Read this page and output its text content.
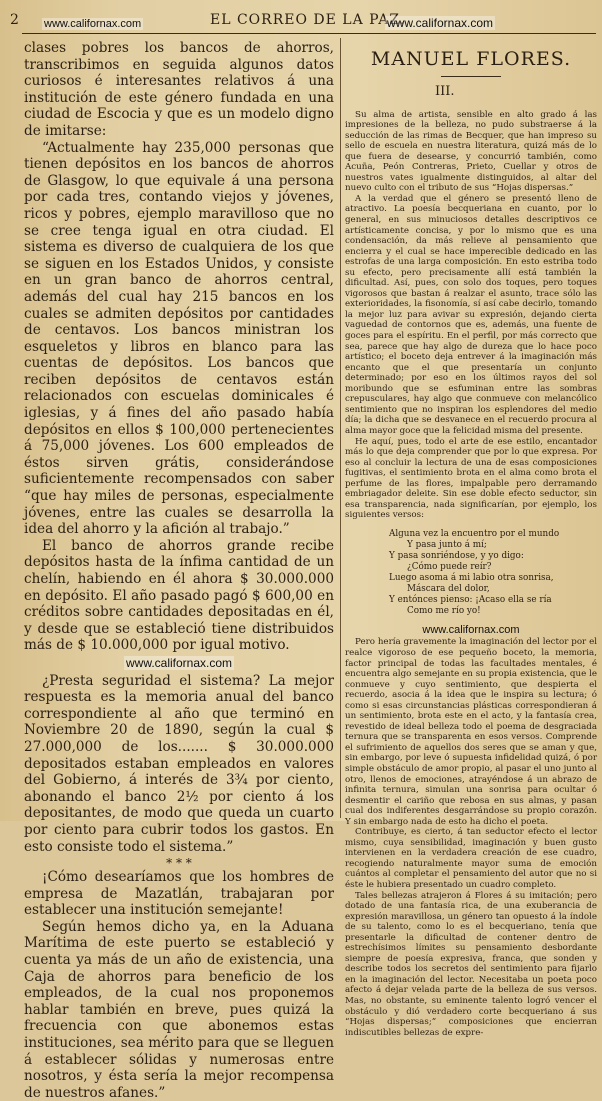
2 www.californax.com	EL CORREO DE LA PAZ.
www.californax.com

clases pobres los bancos de ahorros, transcribimos en seguida algunos datos curiosos é interesantes relativos á una institución de este género fundada en una ciudad de Escocia y que es un modelo digno de imitarse:

“Actualmente hay 235,000 personas que tienen depósitos en los bancos de ahorros de Glasgow, lo que equivale á una persona por cada tres, contando viejos y jóvenes, ricos y pobres, ejemplo maravilloso que no se cree tenga igual en otra ciudad. El sistema es diverso de cualquiera de los que se siguen en los Estados Unidos, y consiste en un gran banco de ahorros central, además del cual hay 215 bancos en los cuales se admiten depósitos por cantidades de centavos. Los bancos ministran los esqueletos y libros en blanco para las cuentas de depósitos. Los bancos que reciben depósitos de centavos están relacionados con escuelas dominicales é iglesias, y á fines del año pasado había depósitos en ellos $ 100,000 pertenecientes á 75,000 jóvenes. Los 600 empleados de éstos sirven grátis, considerándose suficientemente recompensados con saber “que hay miles de personas, especialmente jóvenes, entre las cuales se desarrolla la idea del ahorro y la afición al trabajo.”

El banco de ahorros grande recibe depósitos hasta de la ínfima cantidad de un chelín, habiendo en él ahora $ 30.000.000 en depósito. El año pasado pagó $ 600,00 en créditos sobre cantidades depositadas en él, y desde que se estableció tiene distribuidos más de $ 10.000,000 por igual motivo.

www.californax.com

¿Presta seguridad el sistema? La mejor respuesta es la memoria anual del banco correspondiente al año que terminó en Noviembre 20 de 1890, según la cual $ 27.000,000 de los....... $ 30.000.000 depositados estaban empleados en valores del Gobierno, á interés de 3¾ por ciento, abonando el banco 2½ por ciento á los depositantes, de modo que queda un cuarto por ciento para cubrir todos los gastos. En esto consiste todo el sistema.”

* * *

¡Cómo desearíamos que los hombres de empresa de Mazatlán, trabajaran por establecer una institución semejante!

Según hemos dicho ya, en la Aduana Marítima de este puerto se estableció y cuenta ya más de un año de existencia, una Caja de ahorros para beneficio de los empleados, de la cual nos proponemos hablar también en breve, pues quizá la frecuencia con que abonemos estas instituciones, sea mérito para que se lleguen á establecer sólidas y numerosas entre nosotros, y ésta sería la mejor recompensa de nuestros afanes.”

MANUEL FLORES.
III.

Su alma de artista, sensible en alto grado á las impresiones de la belleza, no pudo substraerse á la seducción de las rimas de Becquer, que han impreso su sello de escuela en nuestra literatura, quizá más de lo que fuera de desearse, y concurrió también, como Acuña, Peón Contreras, Prieto, Cuellar y otros de nuestros vates igualmente distinguidos, al altar del nuevo culto con el tributo de sus “Hojas dispersas.”

A la verdad que el género se presentó lleno de atractivo. La poesía becqueriana en cuanto, por lo general, en sus minuciosos detalles descriptivos ce artísticamente concisa, y por lo mismo que es una condensación, da más relieve al pensamiento que encierra y el cual se hace imperecible dedicado en las estrofas de una larga composición. En esto estriba todo su efecto, pero precisamente allí está también la dificultad. Así, pues, con solo dos toques, pero toques vigorosos que bastan á realzar el asunto, trace sólo las exterioridades, la fisonomía, sí así cabe decirlo, tomando la mejor luz para avivar su expresión, dejando cierta vaguedad de contornos que es, además, una fuente de goces para el espíritu. En el perfil, por más correcto que sea, parece que hay algo de dureza que lo hace poco artístico; el boceto deja entrever á la imaginación más encanto que el que presentaría un conjunto determinado; por eso en los últimos rayos del sol moribundo que se esfuminan entre las sombras crepusculares, hay algo que conmueve con melancólico sentimiento que no inspiran los esplendores del medio día; la dicha que se desvanece en el recuerdo procura al alma mayor goce que la felicidad misma del presente.

He aquí, pues, todo el arte de ese estilo, encantador más lo que deja comprender que por lo que expresa. Por eso al concluir la lectura de una de esas composiciones fugitivas, el sentimiento brota en el alma como brota el perfume de las flores, impalpable pero derramando embriagador deleite. Sin ese doble efecto seductor, sin esa transparencia, nada significarían, por ejemplo, los siguientes versos:

Alguna vez la encuentro por el mundo
Y pasa junto á mí;
Y pasa sonriéndose, y yo digo:
¿Cómo puede reír?
Luego asoma á mi labio otra sonrisa,
Máscara del dolor,
Y entónces pienso: ¡Acaso ella se ría
Como me río yo!
www.californax.com

Pero hería gravemente la imaginación del lector por el realce vigoroso de ese pequeño boceto, la memoria, factor principal de todas las facultades mentales, é encuentra algo semejante en su propia existencia, que le conmueve y cuyo sentimiento, que despierta el recuerdo, asocia á la idea que le inspira su lectura; ó como si esas circunstancias plásticas correspondieran á un sentimiento, brota este en el acto, y la fantasía crea, revestido de ideal belleza todo el poema de desgraciada ternura que se transparenta en esos versos. Comprende el sufrimiento de aquellos dos seres que se aman y que, sin embargo, por leve ó supuesta infidelidad quizá, ó por simple obstáculo de amor propio, al pasar el uno junto al otro, llenos de emociones, atrayéndose á un abrazo de infinita ternura, simulan una sonrisa para ocultar ó desmentir el cariño que rebosa en sus almas, y pasan cual dos indiferentes desgarrándose su propio corazón. Y sin embargo nada de esto ha dicho el poeta.

Contribuye, es cierto, á tan seductor efecto el lector mismo, cuya sensibilidad, imaginación y buen gusto intervienen en la verdadera creación de ese cuadro, recogiendo naturalmente mayor suma de emoción cuántos al completar el pensamiento del autor que no si éste le hubiera presentado un cuadro completo.

Tales bellezas atrajeron á Flores á su imitación; pero dotado de una fantasía rica, de una exuberancia de expresión maravillosa, un género tan opuesto á la índole de su talento, como lo es el becqueriano, tenía que presentarle la dificultad de contener dentro de estrechísimos límites su pensamiento desbordante siempre de poesía expresiva, franca, que sonden y describe todos los secretos del sentimiento para fijarlo en la imaginación del lector. Necesitaba un poeta poco afecto á dejar velada parte de la belleza de sus versos. Mas, no obstante, su eminente talento logró vencer el obstáculo y dió verdadero corte becqueriano á sus “Hojas dispersas;” composiciones que encierran indiscutibles bellezas de expre-
